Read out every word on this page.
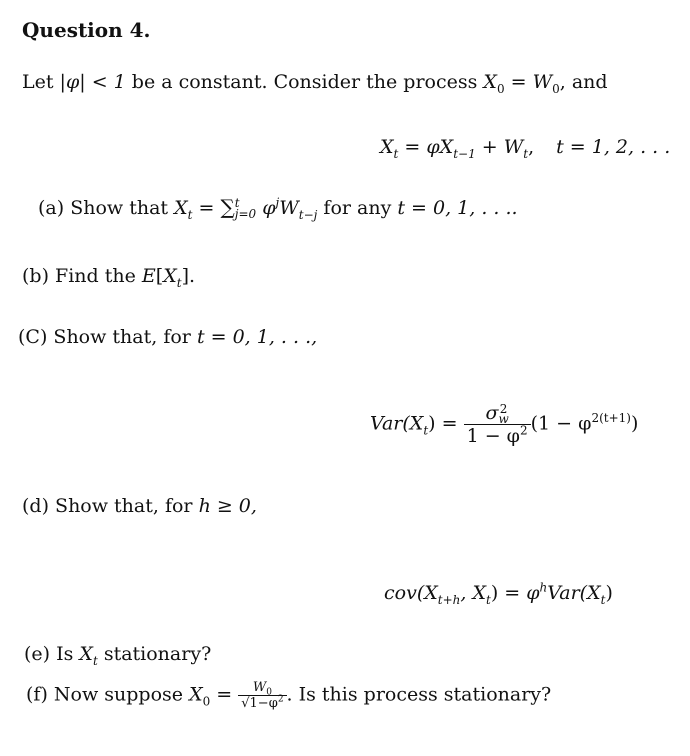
Question 4.
Let |φ| < 1 be a constant. Consider the process $X_0 = W_0$, and
$X_t = \varphi X_{t-1} + W_t$, t = 1, 2, . . .
(a) Show that $X_t$ = ∑ t
j=0 $\varphi^jW_{t-j}$ for any t = 0, 1, . . ..
(b) Find the $E[X_t]$.
(C) Show that, for t = 0, 1, . . .,
$Var(X_t) = \sigma$ 2
w
$1 - \varphi^2$ $(1 - \varphi^{2(t+1)})$
(d) Show that, for h ≥ 0,
$cov(X_{t+h}$, $X_t) = \varphi^hVar(X_t)$
(e) Is $X_t$ stationary?
(f) Now suppose $X_0 = \frac{W_0}{√1-\varphi^2}$ . Is this process stationary?
